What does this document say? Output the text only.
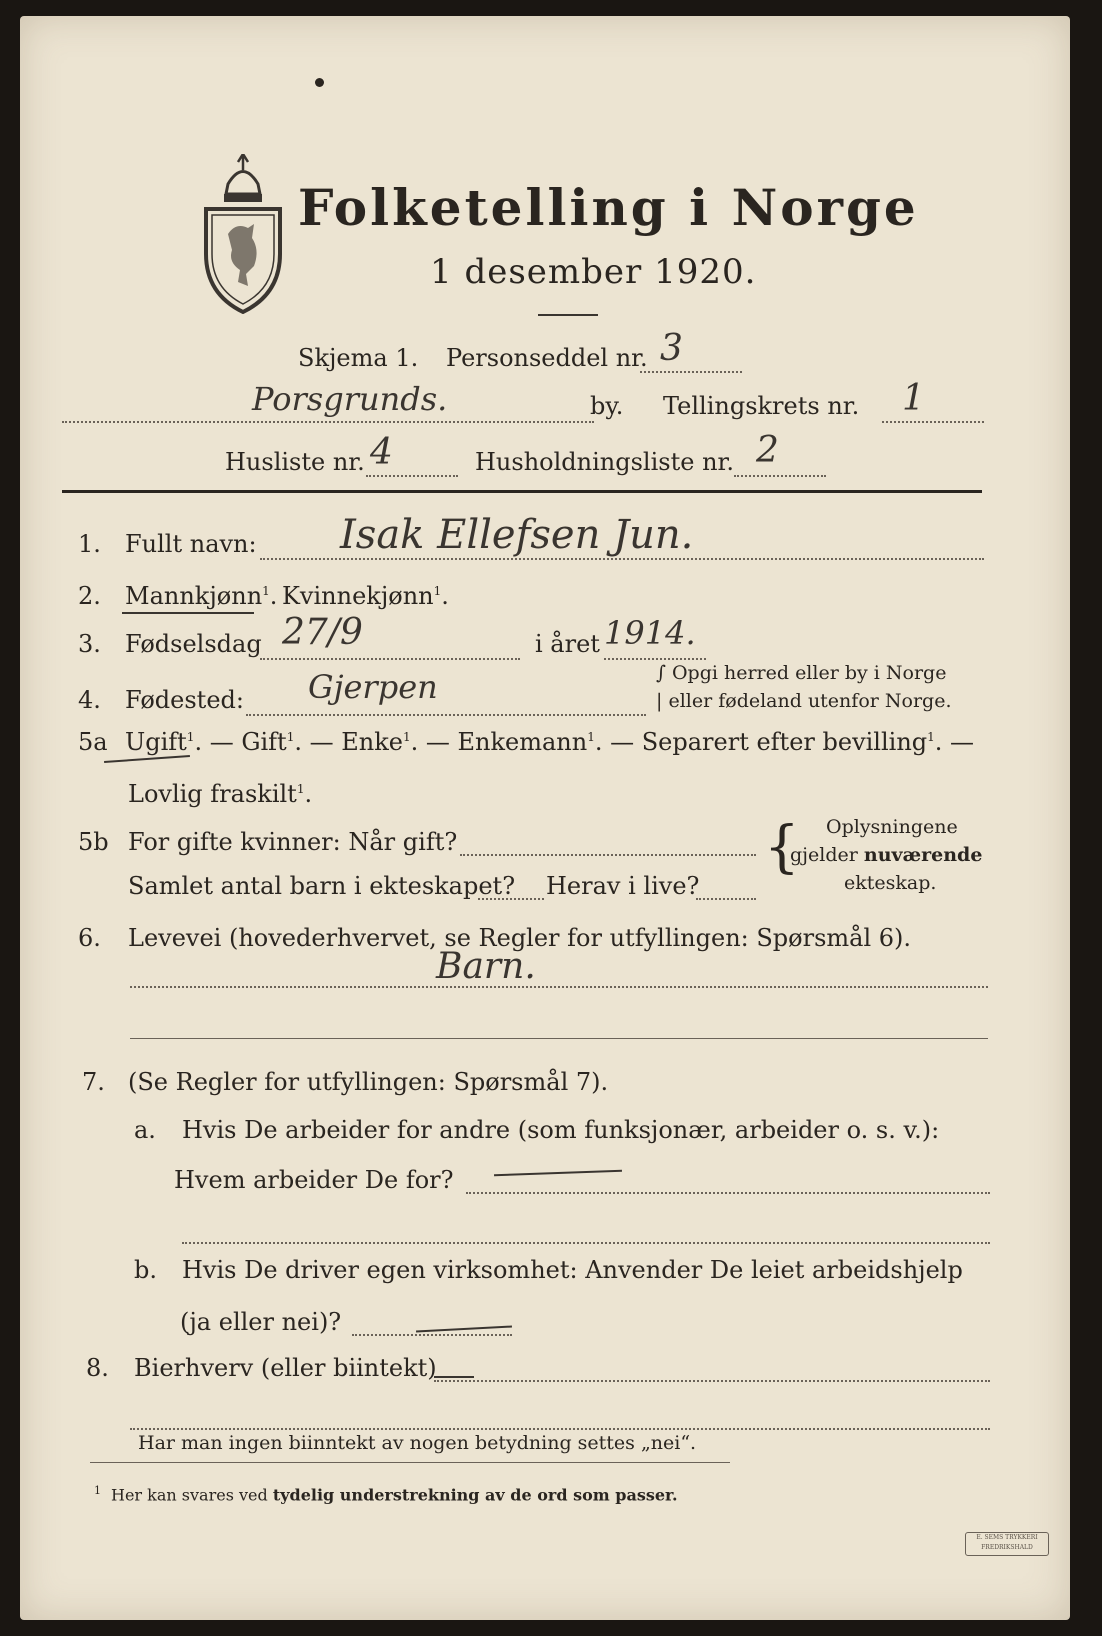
Folketelling i Norge
1 desember 1920.
Skjema 1. Personseddel nr. 3
Porsgrunds.	by. Tellingskrets nr. 1
Husliste nr. 4	Husholdningsliste nr. 2
1. Fullt navn: Isak Ellefsen Jun.
2. Mannkjønn$^1$. Kvinnekjønn$^1$.
3. Fødselsdag 27/9	i året 1914.
4. Fødested: Gjerpen	∫ Opgi herred eller by i Norge
| eller fødeland utenfor Norge.
5a Ugift$^1$. — Gift$^1$. — Enke$^1$. — Enkemann$^1$. — Separert efter bevilling$^1$. —
Lovlig fraskilt$^1$.
5b For gifte kvinner: Når gift?
Samlet antal barn i ekteskapet? Herav i live?
{ Oplysningene
gjelder nuværende
ekteskap.
6. Levevei (hovederhvervet, se Regler for utfyllingen: Spørsmål 6).
Barn.
7. (Se Regler for utfyllingen: Spørsmål 7).
a. Hvis De arbeider for andre (som funksjonær, arbeider o. s. v.):
Hvem arbeider De for?
b. Hvis De driver egen virksomhet: Anvender De leiet arbeidshjelp
(ja eller nei)?
8. Bierhverv (eller biintekt)
Har man ingen biinntekt av nogen betydning settes „nei“.
$^1$ Her kan svares ved tydelig understrekning av de ord som passer.
E. SEMS TRYKKERI
FREDRIKSHALD
